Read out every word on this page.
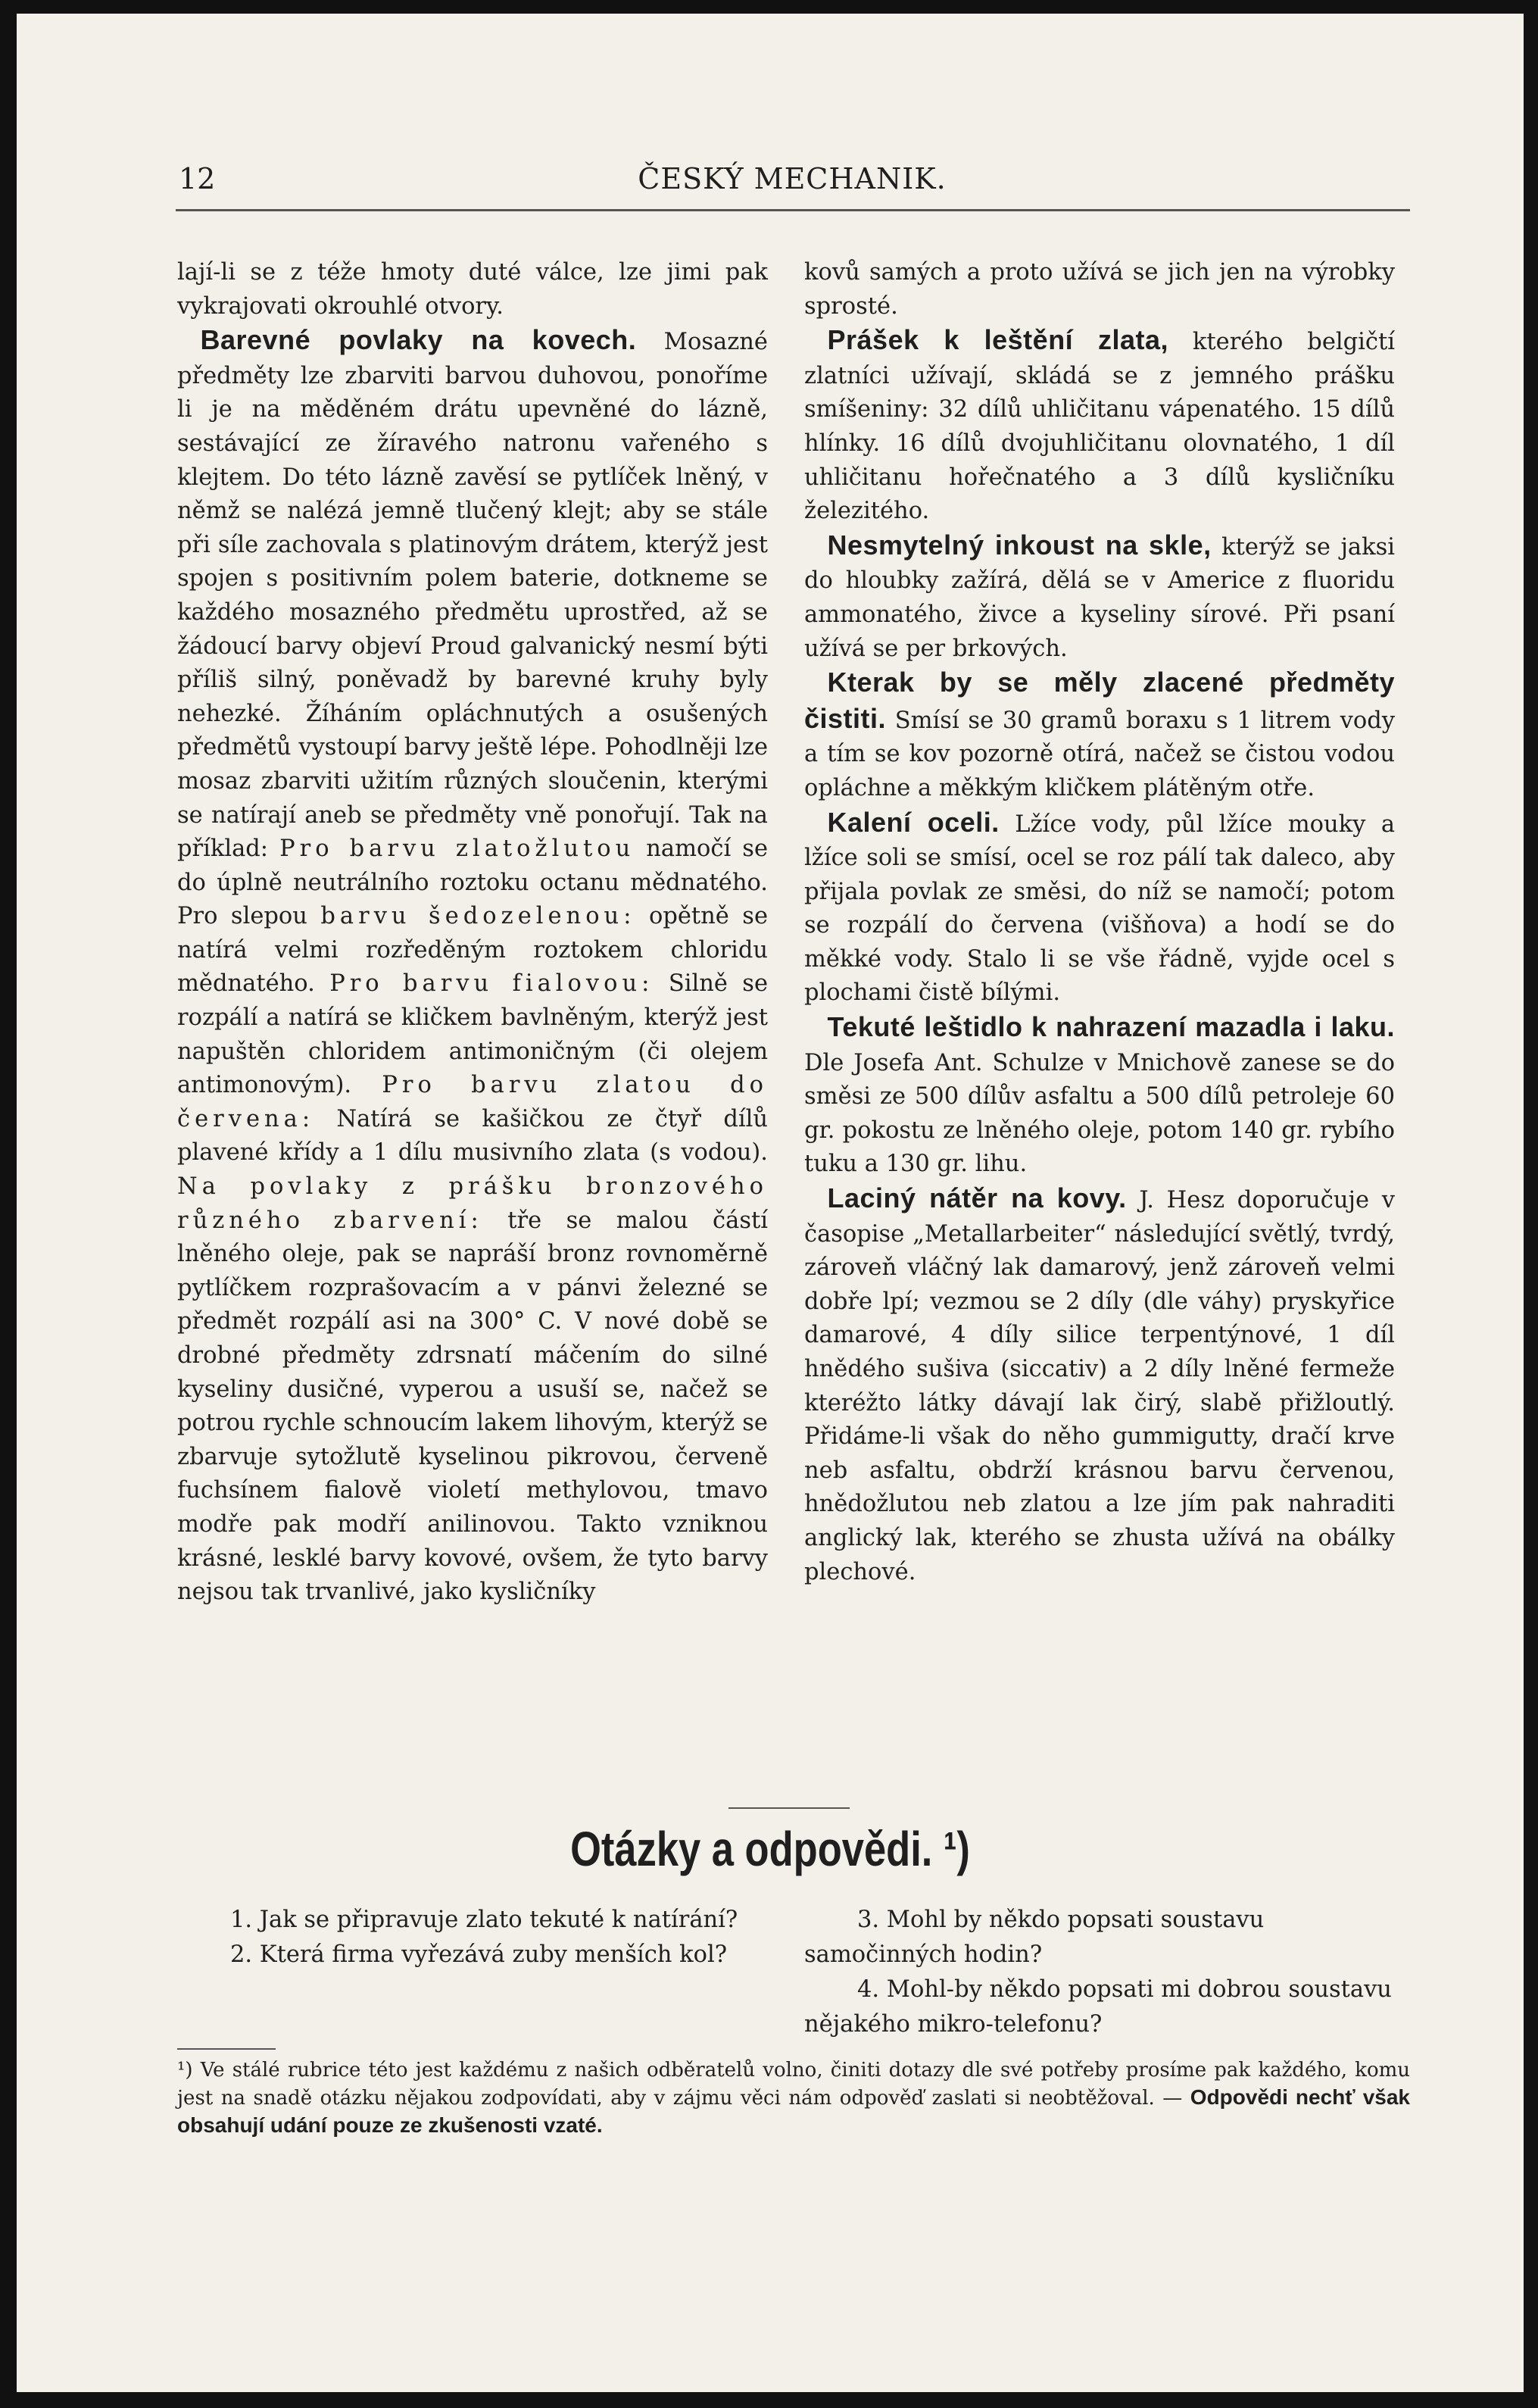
12	ČESKÝ MECHANIK.

lají-li se z téže hmoty duté válce, lze jimi pak vykrajovati okrouhlé otvory.

 Barevné povlaky na kovech. Mosazné předměty lze zbarviti barvou duhovou, ponoříme li je na měděném drátu upevněné do lázně, sestávající ze žíravého natronu vařeného s klejtem. Do této lázně zavěsí se pytlíček lněný, v němž se nalézá jemně tlučený klejt; aby se stále při síle zachovala s platinovým drátem, kterýž jest spojen s positivním polem baterie, dotkneme se každého mosazného předmětu uprostřed, až se žádoucí barvy objeví Proud galvanický nesmí býti příliš silný, poněvadž by barevné kruhy byly nehezké. Žíháním opláchnutých a osušených předmětů vystoupí barvy ještě lépe. Pohodlněji lze mosaz zbarviti užitím různých sloučenin, kterými se natírají aneb se předměty vně ponořují. Tak na příklad: Pro barvu zlatožlutou namočí se do úplně neutrálního roztoku octanu mědnatého. Pro slepou barvu šedozelenou: opětně se natírá velmi rozředěným roztokem chloridu mědnatého. Pro barvu fialovou: Silně se rozpálí a natírá se kličkem bavlněným, kterýž jest napuštěn chloridem antimoničným (či olejem antimonovým). Pro barvu zlatou do červena: Natírá se kašičkou ze čtyř dílů plavené křídy a 1 dílu musivního zlata (s vodou). Na povlaky z prášku bronzového různého zbarvení: tře se malou částí lněného oleje, pak se napráší bronz rovnoměrně pytlíčkem rozprašovacím a v pánvi železné se předmět rozpálí asi na 300° C. V nové době se drobné předměty zdrsnatí máčením do silné kyseliny dusičné, vyperou a usuší se, načež se potrou rychle schnoucím lakem lihovým, kterýž se zbarvuje sytožlutě kyselinou pikrovou, červeně fuchsínem fialově violetí methylovou, tmavo modře pak modří anilinovou. Takto vzniknou krásné, lesklé barvy kovové, ovšem, že tyto barvy nejsou tak trvanlivé, jako kysličníky

kovů samých a proto užívá se jich jen na výrobky sprosté.

 Prášek k leštění zlata, kterého belgičtí zlatníci užívají, skládá se z jemného prášku smíšeniny: 32 dílů uhličitanu vápenatého. 15 dílů hlínky. 16 dílů dvojuhličitanu olovnatého, 1 díl uhličitanu hořečnatého a 3 dílů kysličníku železitého.

 Nesmytelný inkoust na skle, kterýž se jaksi do hloubky zažírá, dělá se v Americe z fluoridu ammonatého, živce a kyseliny sírové. Při psaní užívá se per brkových.

 Kterak by se měly zlacené předměty čistiti. Smísí se 30 gramů boraxu s 1 litrem vody a tím se kov pozorně otírá, načež se čistou vodou opláchne a měkkým kličkem plátěným otře.

 Kalení oceli. Lžíce vody, půl lžíce mouky a lžíce soli se smísí, ocel se roz pálí tak daleco, aby přijala povlak ze směsi, do níž se namočí; potom se rozpálí do červena (višňova) a hodí se do měkké vody. Stalo li se vše řádně, vyjde ocel s plochami čistě bílými.

 Tekuté leštidlo k nahrazení mazadla i laku. Dle Josefa Ant. Schulze v Mnichově zanese se do směsi ze 500 dílův asfaltu a 500 dílů petroleje 60 gr. pokostu ze lněného oleje, potom 140 gr. rybího tuku a 130 gr. lihu.

 Laciný nátěr na kovy. J. Hesz doporučuje v časopise „Metallarbeiter“ následující světlý, tvrdý, zároveň vláčný lak damarový, jenž zároveň velmi dobře lpí; vezmou se 2 díly (dle váhy) pryskyřice damarové, 4 díly silice terpentýnové, 1 díl hnědého sušiva (siccativ) a 2 díly lněné fermeže kteréžto látky dávají lak čirý, slabě přižloutlý. Přidáme-li však do něho gummigutty, dračí krve neb asfaltu, obdrží krásnou barvu červenou, hnědožlutou neb zlatou a lze jím pak nahraditi anglický lak, kterého se zhusta užívá na obálky plechové.

Otázky a odpovědi. ¹)

1. Jak se připravuje zlato tekuté k natírání?

2. Která firma vyřezává zuby menších kol?

3. Mohl by někdo popsati soustavu samočinných hodin?

4. Mohl-by někdo popsati mi dobrou soustavu nějakého mikro-telefonu?

¹) Ve stálé rubrice této jest každému z našich odběratelů volno, činiti dotazy dle své potřeby prosíme pak každého, komu jest na snadě otázku nějakou zodpovídati, aby v zájmu věci nám odpověď zaslati si neobtěžoval. — Odpovědi nechť však obsahují udání pouze ze zkušenosti vzaté.
